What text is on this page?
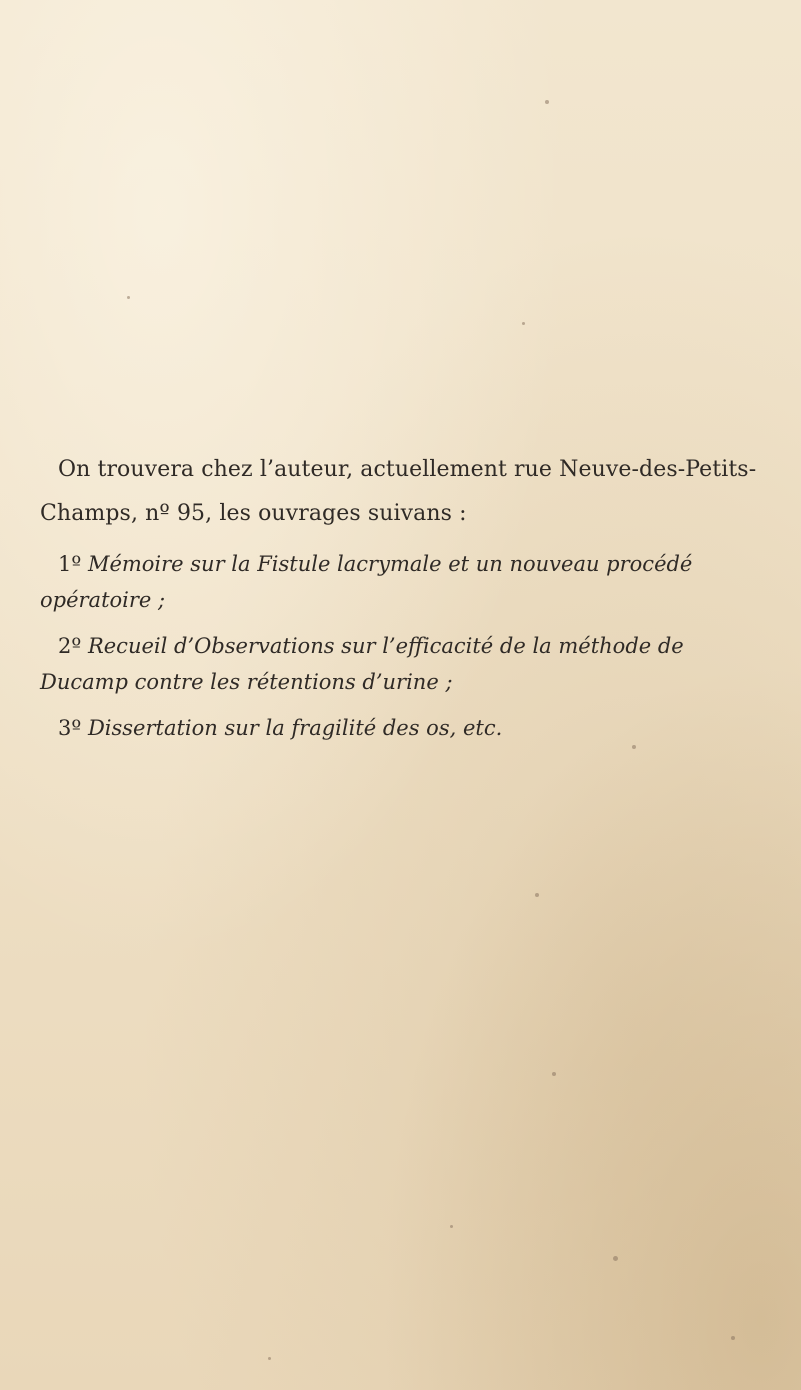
On trouvera chez l’auteur, actuellement rue Neuve-des-Petits-Champs, nº 95, les ouvrages suivans :

1º Mémoire sur la Fistule lacrymale et un nouveau procédé opératoire ;

2º Recueil d’Observations sur l’efficacité de la méthode de Ducamp contre les rétentions d’urine ;

3º Dissertation sur la fragilité des os, etc.
